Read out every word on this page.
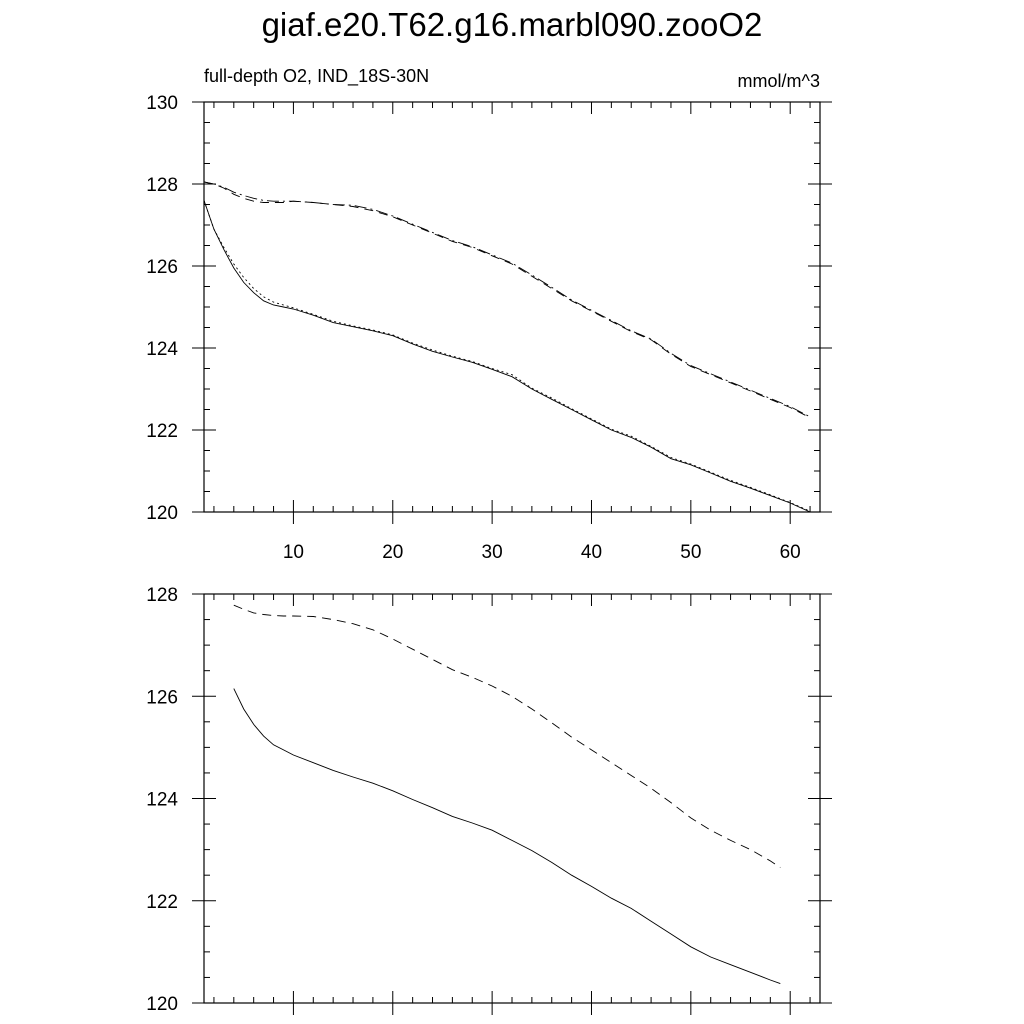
giaf.e20.T62.g16.marbl090.zooO2
10	20	30	40	50	60
120
122
124
126
128
130
full-depth O2, IND_18S-30N	mmol/m^3
120
122
124
126
128
